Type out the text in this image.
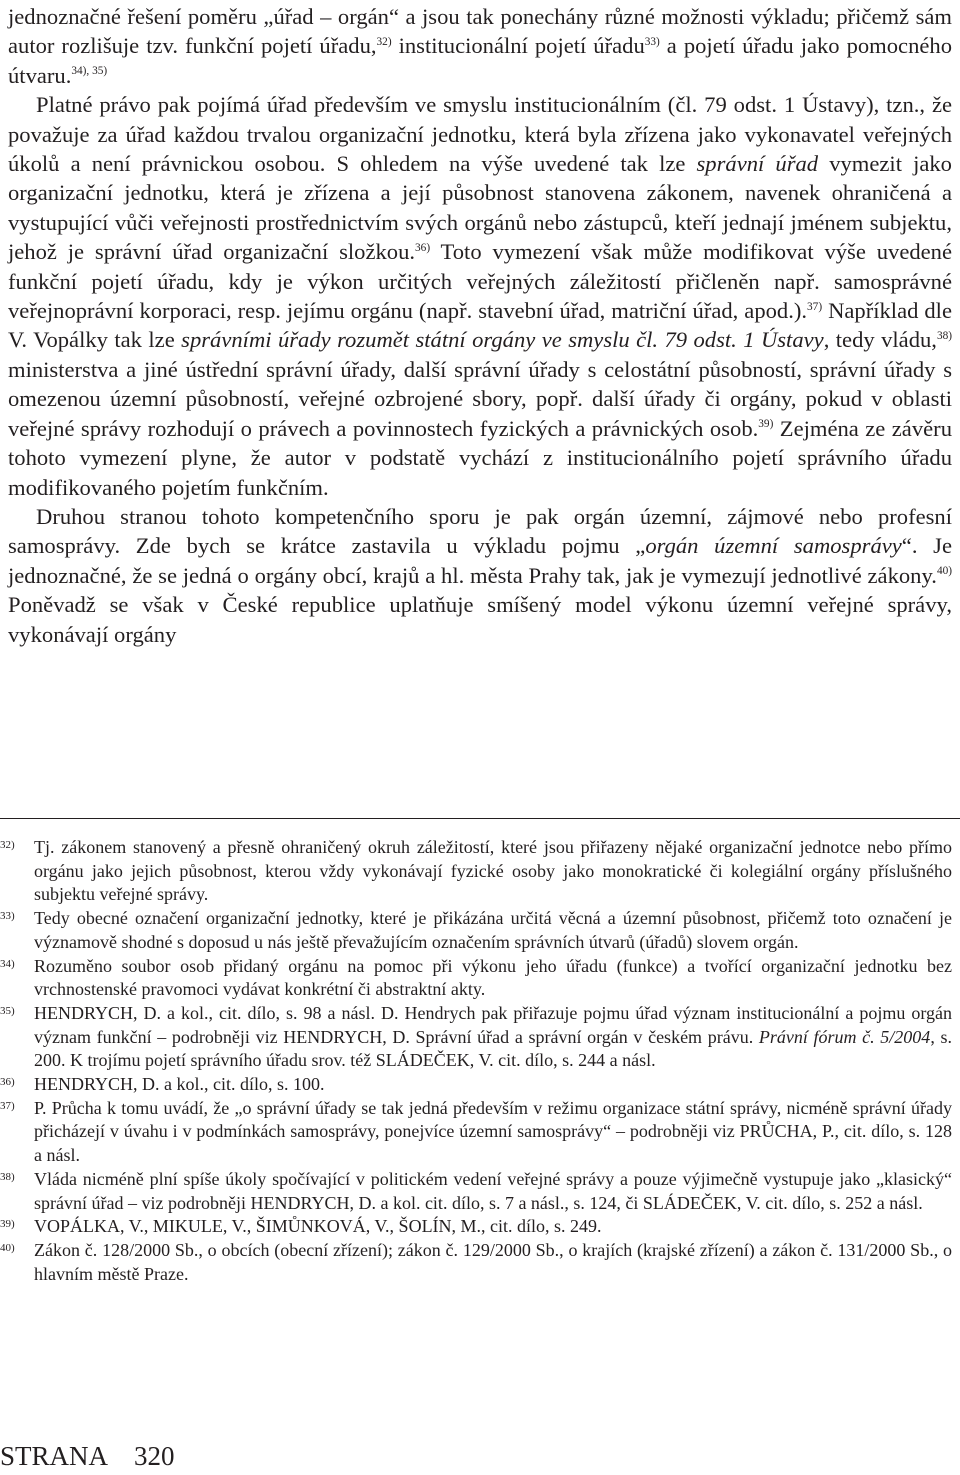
jednoznačné řešení poměru „úřad – orgán“ a jsou tak ponechány různé možnosti výkladu; přičemž sám autor rozlišuje tzv. funkční pojetí úřadu,$^{32)}$ institucionální pojetí úřadu$^{33)}$ a pojetí úřadu jako pomocného útvaru.$^{34), 35)}$

Platné právo pak pojímá úřad především ve smyslu institucionálním (čl. 79 odst. 1 Ústavy), tzn., že považuje za úřad každou trvalou organizační jednotku, která byla zřízena jako vykonavatel veřejných úkolů a není právnickou osobou. S ohledem na výše uvedené tak lze správní úřad vymezit jako organizační jednotku, která je zřízena a její působnost stanovena zákonem, navenek ohraničená a vystupující vůči veřejnosti prostřednictvím svých orgánů nebo zástupců, kteří jednají jménem subjektu, jehož je správní úřad organizační složkou.$^{36)}$ Toto vymezení však může modifikovat výše uvedené funkční pojetí úřadu, kdy je výkon určitých veřejných záležitostí přičleněn např. samosprávné veřejnoprávní korporaci, resp. jejímu orgánu (např. stavební úřad, matriční úřad, apod.).$^{37)}$ Například dle V. Vopálky tak lze správními úřady rozumět státní orgány ve smyslu čl. 79 odst. 1 Ústavy, tedy vládu,$^{38)}$ ministerstva a jiné ústřední správní úřady, další správní úřady s celostátní působností, správní úřady s omezenou územní působností, veřejné ozbrojené sbory, popř. další úřady či orgány, pokud v oblasti veřejné správy rozhodují o právech a povinnostech fyzických a právnických osob.$^{39)}$ Zejména ze závěru tohoto vymezení plyne, že autor v podstatě vychází z institucionálního pojetí správního úřadu modifikovaného pojetím funkčním.

Druhou stranou tohoto kompetenčního sporu je pak orgán územní, zájmové nebo profesní samosprávy. Zde bych se krátce zastavila u výkladu pojmu „orgán územní samosprávy“. Je jednoznačné, že se jedná o orgány obcí, krajů a hl. města Prahy tak, jak je vymezují jednotlivé zákony.$^{40)}$ Poněvadž se však v České republice uplatňuje smíšený model výkonu územní veřejné správy, vykonávají orgány

32)	Tj. zákonem stanovený a přesně ohraničený okruh záležitostí, které jsou přiřazeny nějaké organizační jednotce nebo přímo orgánu jako jejich působnost, kterou vždy vykonávají fyzické osoby jako monokratické či kolegiální orgány příslušného subjektu veřejné správy.
33)	Tedy obecné označení organizační jednotky, které je přikázána určitá věcná a územní působnost, přičemž toto označení je významově shodné s doposud u nás ještě převažujícím označením správních útvarů (úřadů) slovem orgán.
34)	Rozuměno soubor osob přidaný orgánu na pomoc při výkonu jeho úřadu (funkce) a tvořící organizační jednotku bez vrchnostenské pravomoci vydávat konkrétní či abstraktní akty.
35)	HENDRYCH, D. a kol., cit. dílo, s. 98 a násl. D. Hendrych pak přiřazuje pojmu úřad význam institucionální a pojmu orgán význam funkční – podrobněji viz HENDRYCH, D. Správní úřad a správní orgán v českém právu. Právní fórum č. 5/2004, s. 200. K trojímu pojetí správního úřadu srov. též SLÁDEČEK, V. cit. dílo, s. 244 a násl.
36)	HENDRYCH, D. a kol., cit. dílo, s. 100.
37)	P. Průcha k tomu uvádí, že „o správní úřady se tak jedná především v režimu organizace státní správy, nicméně správní úřady přicházejí v úvahu i v podmínkách samosprávy, ponejvíce územní samosprávy“ – podrobněji viz PRŮCHA, P., cit. dílo, s. 128 a násl.
38)	Vláda nicméně plní spíše úkoly spočívající v politickém vedení veřejné správy a pouze výjimečně vystupuje jako „klasický“ správní úřad – viz podrobněji HENDRYCH, D. a kol. cit. dílo, s. 7 a násl., s. 124, či SLÁDEČEK, V. cit. dílo, s. 252 a násl.
39)	VOPÁLKA, V., MIKULE, V., ŠIMŮNKOVÁ, V., ŠOLÍN, M., cit. dílo, s. 249.
40)	Zákon č. 128/2000 Sb., o obcích (obecní zřízení); zákon č. 129/2000 Sb., o krajích (krajské zřízení) a zákon č. 131/2000 Sb., o hlavním městě Praze.
STRANA 320
